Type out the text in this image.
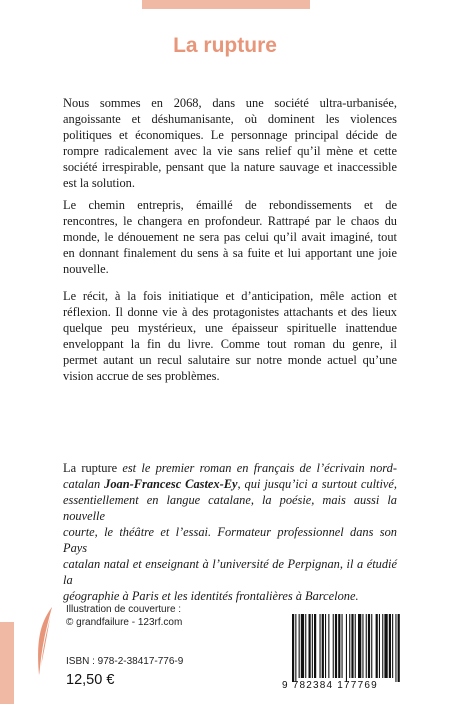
La rupture
Nous sommes en 2068, dans une société ultra-urbanisée,
angoissante et déshumanisante, où dominent les violences
politiques et économiques. Le personnage principal décide de
rompre radicalement avec la vie sans relief qu’il mène et cette
société irrespirable, pensant que la nature sauvage et inaccessible
est la solution.
Le chemin entrepris, émaillé de rebondissements et de
rencontres, le changera en profondeur. Rattrapé par le chaos du
monde, le dénouement ne sera pas celui qu’il avait imaginé, tout
en donnant finalement du sens à sa fuite et lui apportant une joie
nouvelle.
Le récit, à la fois initiatique et d’anticipation, mêle action et
réflexion. Il donne vie à des protagonistes attachants et des lieux
quelque peu mystérieux, une épaisseur spirituelle inattendue
enveloppant la fin du livre. Comme tout roman du genre, il
permet autant un recul salutaire sur notre monde actuel qu’une
vision accrue de ses problèmes.
La rupture est le premier roman en français de l’écrivain nord-
catalan Joan-Francesc Castex-Ey, qui jusqu’ici a surtout cultivé,
essentiellement en langue catalane, la poésie, mais aussi la nouvelle
courte, le théâtre et l’essai. Formateur professionnel dans son Pays
catalan natal et enseignant à l’université de Perpignan, il a étudié la
géographie à Paris et les identités frontalières à Barcelone.
Illustration de couverture :
© grandfailure - 123rf.com
ISBN : 978-2-38417-776-9
12,50 €	9 782384 177769
